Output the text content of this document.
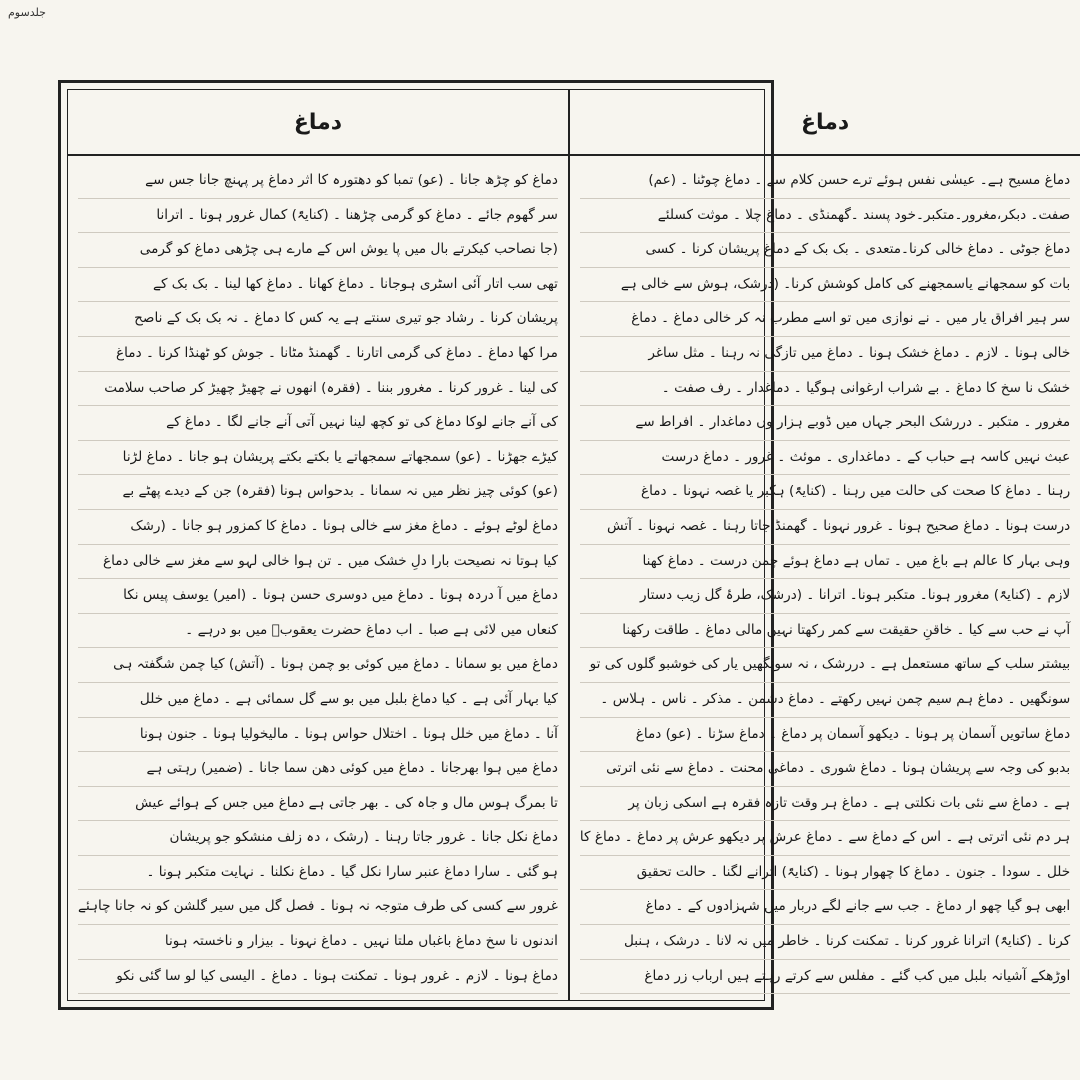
جلدسوم
دماغ	دماغ
دماغ کو چڑھ جانا ۔ (عو) تمبا کو دھتورہ کا اثر دماغ پر پہنچ جانا جس سے
سر گھوم جائے ۔ دماغ کو گرمی چڑھنا ۔ (کنایۃً) کمال غرور ہونا ۔ اترانا
(جا نصاحب کیکرتے بال میں پا یوش اس کے مارے ہی چڑھی دماغ کو گرمی
تھی سب اتار آئی اسٹری ہوجانا ۔ دماغ کھانا ۔ دماغ کھا لینا ۔ بک بک کے
پریشان کرنا ۔ رشاد جو تیری سنتے ہے یہ کس کا دماغ ۔ نہ بک بک کے ناصح
مرا کھا دماغ ۔ دماغ کی گرمی اتارنا ۔ گھمنڈ مٹانا ۔ جوش کو ٹھنڈا کرنا ۔ دماغ
کی لینا ۔ غرور کرنا ۔ مغرور بننا ۔ (فقرہ) انھوں نے چھیڑ چھیڑ کر صاحب سلامت
کی آنے جانے لوکا دماغ کی تو کچھ لینا نہیں آتی آنے جانے لگا ۔ دماغ کے
کیڑے جھڑنا ۔ (عو) سمجھاتے سمجھاتے یا بکتے بکتے پریشان ہو جانا ۔ دماغ لڑنا
(عو) کوئی چیز نظر میں نہ سمانا ۔ بدحواس ہونا (فقرہ) جن کے دیدے پھٹے بے
دماغ لوٹے ہوئے ۔ دماغ مغز سے خالی ہونا ۔ دماغ کا کمزور ہو جانا ۔ (رشک
کیا ہوتا نہ نصیحت بارا دلِ خشک میں ۔ تن ہوا خالی لہو سے مغز سے خالی دماغ
دماغ میں آ دردہ ہونا ۔ دماغ میں دوسری حسن ہونا ۔ (امیر) یوسف پیس نکا
کنعاں میں لائی ہے صبا ۔ اب دماغ حضرت یعقوبؑ میں بو درہے ۔
دماغ میں بو سمانا ۔ دماغ میں کوئی بو چمن ہونا ۔ (آتش) کیا چمن شگفتہ ہی
کیا بہار آئی ہے ۔ کیا دماغ بلبل میں بو سے گل سمائی ہے ۔ دماغ میں خلل
آنا ۔ دماغ میں خلل ہونا ۔ اختلال حواس ہونا ۔ مالیخولیا ہونا ۔ جنون ہونا
دماغ میں ہوا بھرجانا ۔ دماغ میں کوئی دھن سما جانا ۔ (ضمیر) رہتی ہے
تا بمرگ ہوس مال و جاہ کی ۔ بھر جاتی ہے دماغ میں جس کے ہوائے عیش
دماغ نکل جانا ۔ غرور جاتا رہنا ۔ (رشک ، دہ زلف منشکو جو پریشان
ہو گئی ۔ سارا دماغ عنبر سارا نکل گیا ۔ دماغ نکلنا ۔ نہایت متکبر ہونا ۔
غرور سے کسی کی طرف متوجہ نہ ہونا ۔ فصل گل میں سیر گلشن کو نہ جانا چاہئے
اندنوں نا سخ دماغ باغباں ملتا نہیں ۔ دماغ نہونا ۔ بیزار و ناخستہ ہونا
دماغ ہونا ۔ لازم ۔ غرور ہونا ۔ تمکنت ہونا ۔ دماغ ۔ الیسی کیا لو سا گئی نکو
دماغ مسیح ہے۔ عیسٰی نفس ہوئے ترے حسن کلام سے ۔ دماغ چوٹنا ۔ (عم)
صفت۔ دبکر،مغرور۔متکبر۔خود پسند ۔گھمنڈی ۔ دماغ چلا ۔ موثت کسلئے
دماغ جوٹی ۔ دماغ خالی کرنا۔متعدی ۔ بک بک کے دماغ پریشان کرنا ۔ کسی
بات کو سمجھانے یاسمجھنے کی کامل کوشش کرنا۔ (درشک، ہوش سے خالی ہے
سر ہیر افراق یار میں ۔ نے نوازی میں تو اسے مطرب نہ کر خالی دماغ ۔ دماغ
خالی ہونا ۔ لازم ۔ دماغ خشک ہونا ۔ دماغ میں تازگی نہ رہنا ۔ مثل ساغر
خشک نا سخ کا دماغ ۔ بے شراب ارغوانی ہوگیا ۔ دماغدار ۔ رف صفت ۔
مغرور ۔ متکبر ۔ دررشک البحر جہاں میں ڈوبے ہزار وں دماغدار ۔ افراط سے
عبث نہیں کاسہ ہے حباب کے ۔ دماغداری ۔ موئث ۔ غرور ۔ دماغ درست
رہنا ۔ دماغ کا صحت کی حالت میں رہنا ۔ (کنایۃً) ہکبر یا غصہ نہونا ۔ دماغ
درست ہونا ۔ دماغ صحیح ہونا ۔ غرور نہونا ۔ گھمنڈ جاتا رہنا ۔ غصہ نہونا ۔ آتش
وہی بہار کا عالم ہے باغ میں ۔ تماں ہے دماغ ہوئے چمن درست ۔ دماغ کھنا
لازم ۔ (کنایۃً) مغرور ہونا۔ متکبر ہونا۔ اترانا ۔ (درشک، طرۂ گل زیب دستار
آپ نے حب سے کیا ۔ خاقنِ حقیقت سے کمر رکھتا نہیں مالی دماغ ۔ طاقت رکھنا
بیشتر سلب کے ساتھ مستعمل ہے ۔ دررشک ، نہ سونگھیں یار کی خوشبو گلوں کی تو
سونگھیں ۔ دماغ ہم سیم چمن نہیں رکھتے ۔ دماغ دشمن ۔ مذکر ۔ ناس ۔ ہلاس ۔
دماغ ساتویں آسمان پر ہونا ۔ دیکھو آسمان پر دماغ ۔ دماغ سڑنا ۔ (عو) دماغ
بدبو کی وجہ سے پریشان ہونا ۔ دماغ شوری ۔ دماغی محنت ۔ دماغ سے نئی اترتی
ہے ۔ دماغ سے نئی بات نکلتی ہے ۔ دماغ ہر وقت تازہ فقرہ ہے اسکی زبان پر
ہر دم نئی اترتی ہے ۔ اس کے دماغ سے ۔ دماغ عرش پر دیکھو عرش پر دماغ ۔ دماغ کا
خلل ۔ سودا ۔ جنون ۔ دماغ کا چھوار ہونا ۔ (کنایۃً) اترانے لگنا ۔ حالت تحقیق
ابھی ہو گیا چھو ار دماغ ۔ جب سے جانے لگے دربار میں شہزادوں کے ۔ دماغ
کرنا ۔ (کنایۃً) اترانا غرور کرنا ۔ تمکنت کرنا ۔ خاطر میں نہ لانا ۔ درشک ، ہنبل
اوڑھکے آشیانہ بلبل میں کب گئے ۔ مفلس سے کرتے رہتے ہیں ارباب زر دماغ
